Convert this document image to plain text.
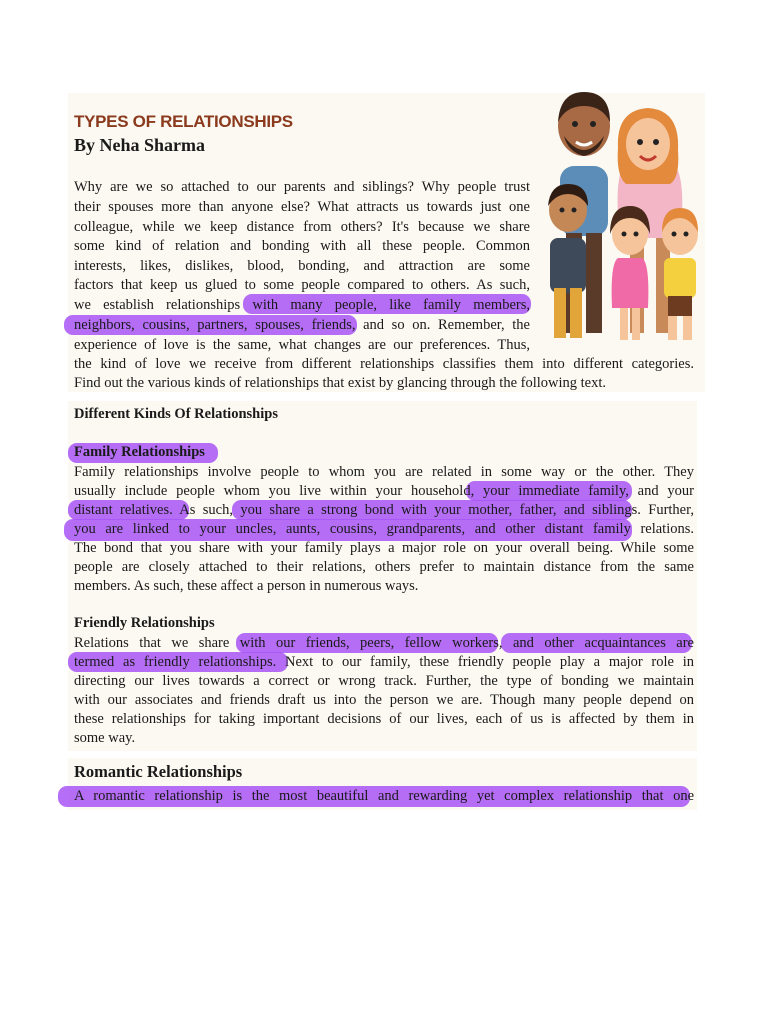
TYPES OF RELATIONSHIPS
By Neha Sharma
Why are we so attached to our parents and siblings? Why people trust
their spouses more than anyone else? What attracts us towards just one
colleague, while we keep distance from others? It's because we share
some kind of relation and bonding with all these people. Common
interests, likes, dislikes, blood, bonding, and attraction are some
factors that keep us glued to some people compared to others. As such,
we establish relationships with many people, like family members,
neighbors, cousins, partners, spouses, friends, and so on. Remember, the
experience of love is the same, what changes are our preferences. Thus,
the kind of love we receive from different relationships classifies them into different categories.
Find out the various kinds of relationships that exist by glancing through the following text.
Different Kinds Of Relationships
Family Relationships
Family relationships involve people to whom you are related in some way or the other. They
usually include people whom you live within your household, your immediate family, and your
distant relatives. As such, you share a strong bond with your mother, father, and siblings. Further,
you are linked to your uncles, aunts, cousins, grandparents, and other distant family relations.
The bond that you share with your family plays a major role on your overall being. While some
people are closely attached to their relations, others prefer to maintain distance from the same
members. As such, these affect a person in numerous ways.
Friendly Relationships
Relations that we share with our friends, peers, fellow workers, and other acquaintances are
termed as friendly relationships. Next to our family, these friendly people play a major role in
directing our lives towards a correct or wrong track. Further, the type of bonding we maintain
with our associates and friends draft us into the person we are. Though many people depend on
these relationships for taking important decisions of our lives, each of us is affected by them in
some way.
Romantic Relationships
A romantic relationship is the most beautiful and rewarding yet complex relationship that one
